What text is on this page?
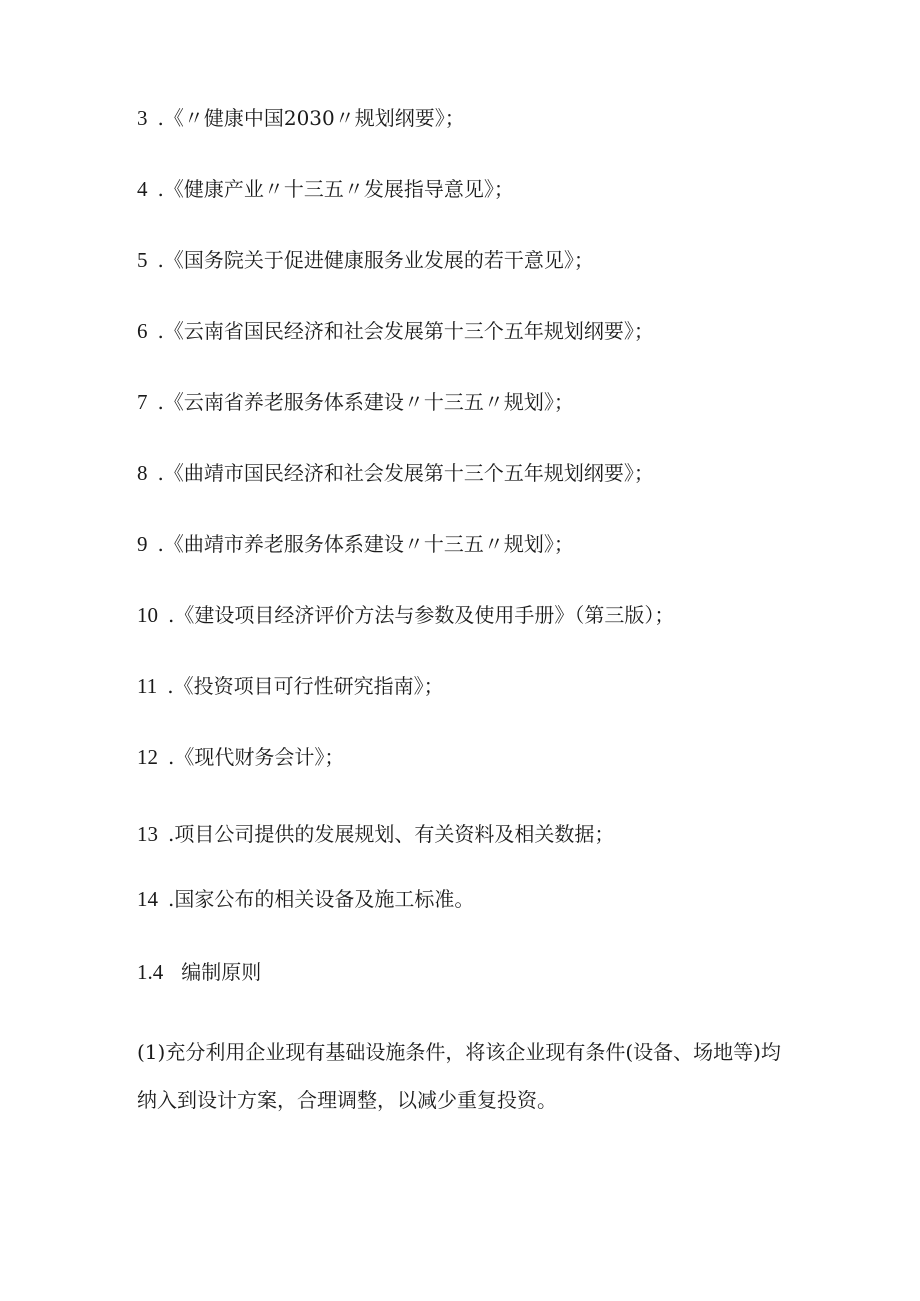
3 .《〃健康中国2030〃规划纲要》；
4 .《健康产业〃十三五〃发展指导意见》；
5 .《国务院关于促进健康服务业发展的若干意见》；
6 .《云南省国民经济和社会发展第十三个五年规划纲要》；
7 .《云南省养老服务体系建设〃十三五〃规划》；
8 .《曲靖市国民经济和社会发展第十三个五年规划纲要》；
9 .《曲靖市养老服务体系建设〃十三五〃规划》；
10 .《建设项目经济评价方法与参数及使用手册》（第三版）；
11 .《投资项目可行性研究指南》；
12 .《现代财务会计》；
13 .项目公司提供的发展规划、有关资料及相关数据；
14 .国家公布的相关设备及施工标准。
1.4 编制原则
(1)充分利用企业现有基础设施条件，将该企业现有条件(设备、场地等)均
纳入到设计方案，合理调整，以减少重复投资。
